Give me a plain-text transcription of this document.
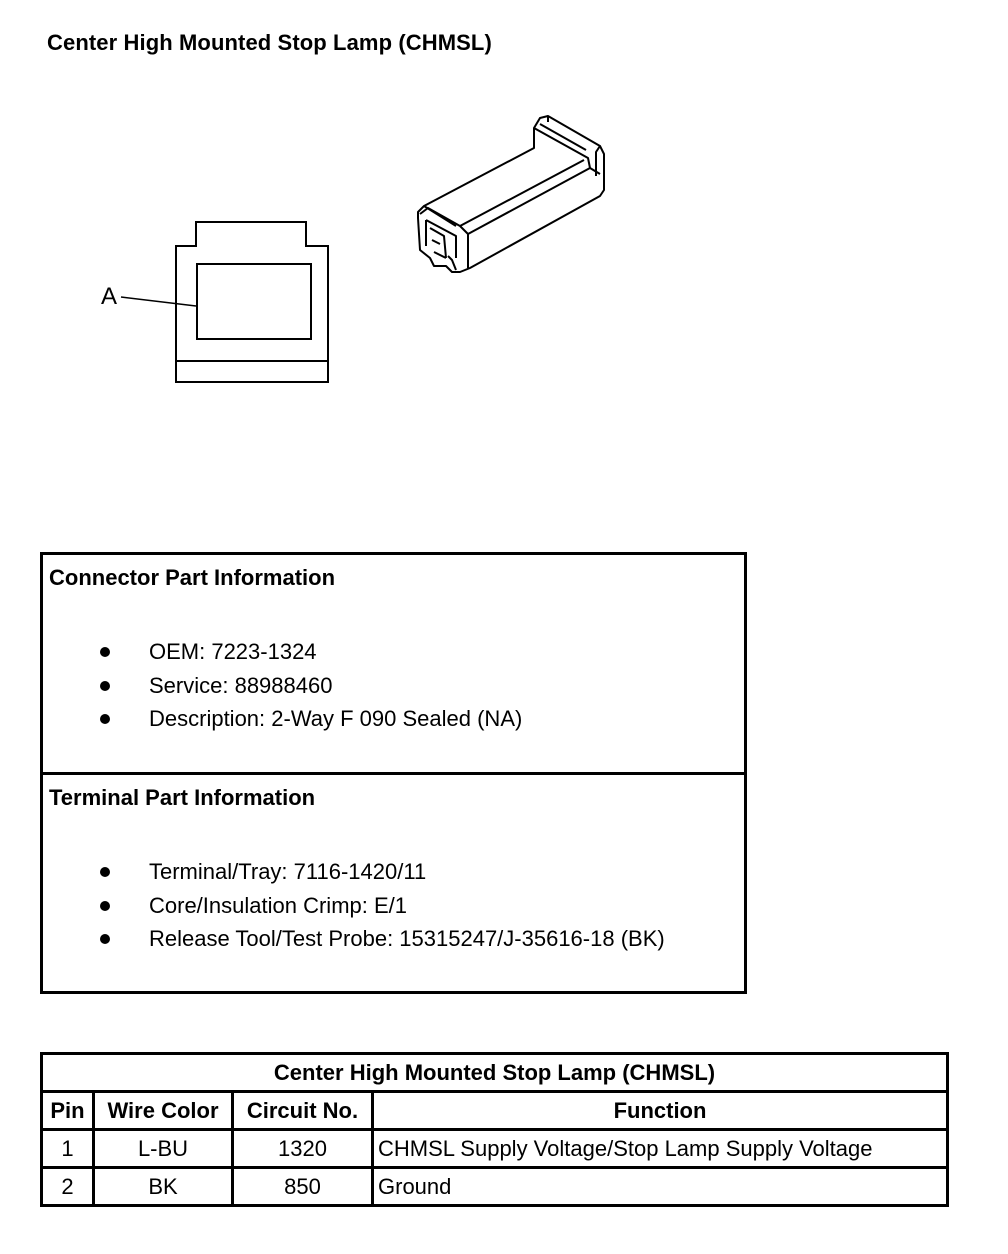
Center High Mounted Stop Lamp (CHMSL)
A
Connector Part Information
OEM: 7223-1324
Service: 88988460
Description: 2-Way F 090 Sealed (NA)
Terminal Part Information
Terminal/Tray: 7116-1420/11
Core/Insulation Crimp: E/1
Release Tool/Test Probe: 15315247/J-35616-18 (BK)
Center High Mounted Stop Lamp (CHMSL)			
Pin	Wire Color	Circuit No.	Function
1	L-BU	1320	CHMSL Supply Voltage/Stop Lamp Supply Voltage
2	BK	850	Ground
